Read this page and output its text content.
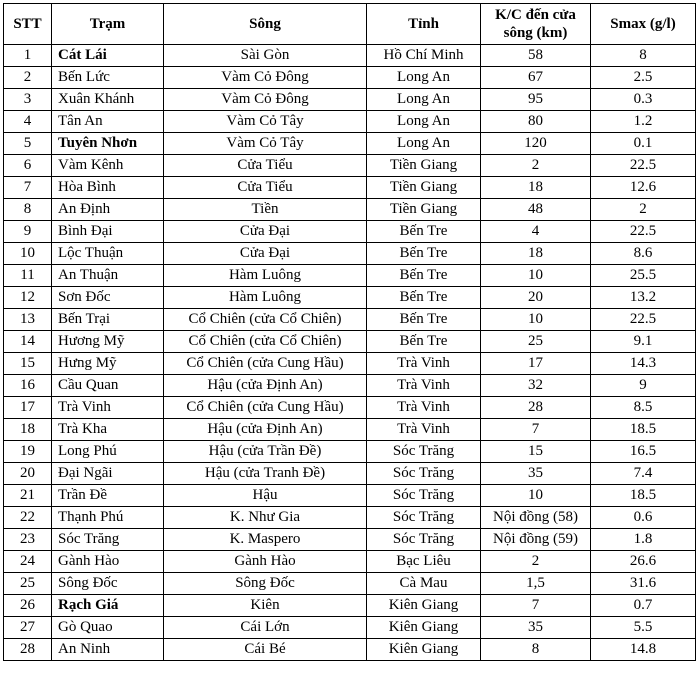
STT	Trạm	Sông	Tỉnh	K/C đến cửa sông (km)	Smax (g/l)
1	Cát Lái	Sài Gòn	Hồ Chí Minh	58	8
2	Bến Lức	Vàm Cỏ Đông	Long An	67	2.5
3	Xuân Khánh	Vàm Cỏ Đông	Long An	95	0.3
4	Tân An	Vàm Cỏ Tây	Long An	80	1.2
5	Tuyên Nhơn	Vàm Cỏ Tây	Long An	120	0.1
6	Vàm Kênh	Cửa Tiểu	Tiền Giang	2	22.5
7	Hòa Bình	Cửa Tiểu	Tiền Giang	18	12.6
8	An Định	Tiền	Tiền Giang	48	2
9	Bình Đại	Cửa Đại	Bến Tre	4	22.5
10	Lộc Thuận	Cửa Đại	Bến Tre	18	8.6
11	An Thuận	Hàm Luông	Bến Tre	10	25.5
12	Sơn Đốc	Hàm Luông	Bến Tre	20	13.2
13	Bến Trại	Cổ Chiên (cửa Cổ Chiên)	Bến Tre	10	22.5
14	Hương Mỹ	Cổ Chiên (cửa Cổ Chiên)	Bến Tre	25	9.1
15	Hưng Mỹ	Cổ Chiên (cửa Cung Hầu)	Trà Vinh	17	14.3
16	Cầu Quan	Hậu (cửa Định An)	Trà Vinh	32	9
17	Trà Vinh	Cổ Chiên (cửa Cung Hầu)	Trà Vinh	28	8.5
18	Trà Kha	Hậu (cửa Định An)	Trà Vinh	7	18.5
19	Long Phú	Hậu (cửa Trần Đề)	Sóc Trăng	15	16.5
20	Đại Ngãi	Hậu (cửa Tranh Đề)	Sóc Trăng	35	7.4
21	Trần Đề	Hậu	Sóc Trăng	10	18.5
22	Thạnh Phú	K. Như Gia	Sóc Trăng	Nội đồng (58)	0.6
23	Sóc Trăng	K. Maspero	Sóc Trăng	Nội đồng (59)	1.8
24	Gành Hào	Gành Hào	Bạc Liêu	2	26.6
25	Sông Đốc	Sông Đốc	Cà Mau	1,5	31.6
26	Rạch Giá	Kiên	Kiên Giang	7	0.7
27	Gò Quao	Cái Lớn	Kiên Giang	35	5.5
28	An Ninh	Cái Bé	Kiên Giang	8	14.8
